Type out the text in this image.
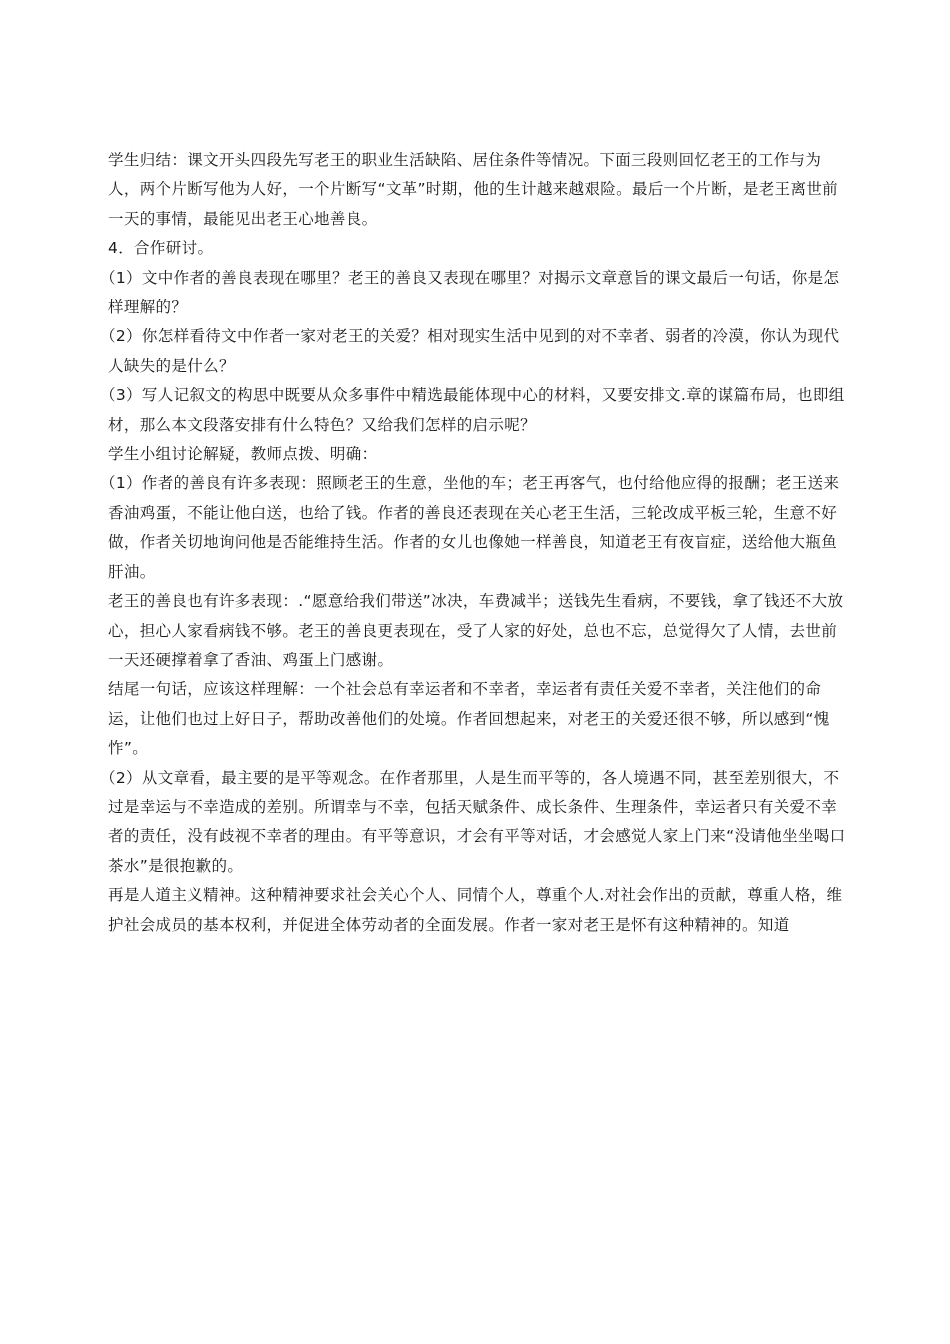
学生归结：课文开头四段先写老王的职业生活缺陷、居住条件等情况。下面三段则回忆老王的工作与为人，两个片断写他为人好，一个片断写“文革”时期，他的生计越来越艰险。最后一个片断，是老王离世前一天的事情，最能见出老王心地善良。

4．合作研讨。

（1）文中作者的善良表现在哪里？老王的善良又表现在哪里？对揭示文章意旨的课文最后一句话，你是怎样理解的？

（2）你怎样看待文中作者一家对老王的关爱？相对现实生活中见到的对不幸者、弱者的冷漠，你认为现代人缺失的是什么？

（3）写人记叙文的构思中既要从众多事件中精选最能体现中心的材料，又要安排文.章的谋篇布局，也即组材，那么本文段落安排有什么特色？又给我们怎样的启示呢？

学生小组讨论解疑，教师点拨、明确：

（1）作者的善良有许多表现：照顾老王的生意，坐他的车；老王再客气，也付给他应得的报酬；老王送来香油鸡蛋，不能让他白送，也给了钱。作者的善良还表现在关心老王生活，三轮改成平板三轮，生意不好做，作者关切地询问他是否能维持生活。作者的女儿也像她一样善良，知道老王有夜盲症，送给他大瓶鱼肝油。

老王的善良也有许多表现：.“愿意给我们带送”冰决，车费减半；送钱先生看病，不要钱，拿了钱还不大放心，担心人家看病钱不够。老王的善良更表现在，受了人家的好处，总也不忘，总觉得欠了人情，去世前一天还硬撑着拿了香油、鸡蛋上门感谢。

结尾一句话，应该这样理解：一个社会总有幸运者和不幸者，幸运者有责任关爱不幸者，关注他们的命运，让他们也过上好日子，帮助改善他们的处境。作者回想起来，对老王的关爱还很不够，所以感到“愧怍”。

（2）从文章看，最主要的是平等观念。在作者那里，人是生而平等的，各人境遇不同，甚至差别很大，不过是幸运与不幸造成的差别。所谓幸与不幸，包括天赋条件、成长条件、生理条件，幸运者只有关爱不幸者的责任，没有歧视不幸者的理由。有平等意识，才会有平等对话，才会感觉人家上门来“没请他坐坐喝口茶水”是很抱歉的。

再是人道主义精神。这种精神要求社会关心个人、同情个人，尊重个人.对社会作出的贡献，尊重人格，维护社会成员的基本权利，并促进全体劳动者的全面发展。作者一家对老王是怀有这种精神的。知道
